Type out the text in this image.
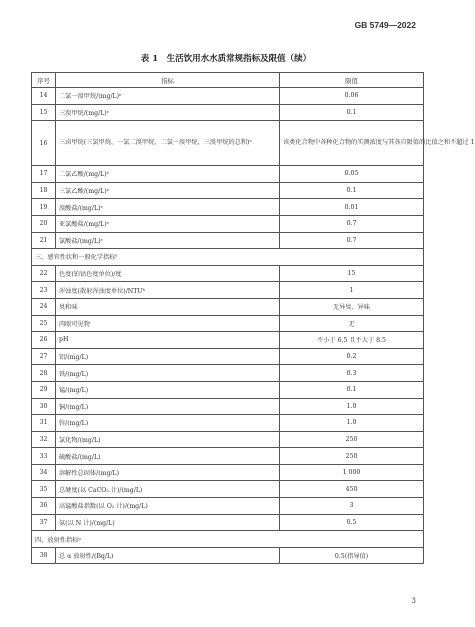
GB 5749—2022
表 1　生活饮用水水质常规指标及限值（续）
序号	指标	限值
14	二氯一溴甲烷/(mg/L)ᵉ	0.06
15	三溴甲烷/(mg/L)ᵉ	0.1
16	三卤甲烷(三氯甲烷、一氯二溴甲烷、二氯一溴甲烷、三溴甲烷的总和)ᵉ	该类化合物中各种化合物的实测浓度与其各自限值的比值之和不超过 1
17	二氯乙酸/(mg/L)ᵉ	0.05
18	三氯乙酸/(mg/L)ᵉ	0.1
19	溴酸盐/(mg/L)ᵉ	0.01
20	亚氯酸盐/(mg/L)ᵉ	0.7
21	氯酸盐/(mg/L)ᵉ	0.7
三、感官性状和一般化学指标ᶠ		
22	色度(铂钴色度单位)/度	15
23	浑浊度(散射浑浊度单位)/NTUᵇ	1
24	臭和味	无异臭、异味
25	肉眼可见物	无
26	pH	不小于 6.5 且不大于 8.5
27	铝/(mg/L)	0.2
28	铁/(mg/L)	0.3
29	锰/(mg/L)	0.1
30	铜/(mg/L)	1.0
31	锌/(mg/L)	1.0
32	氯化物/(mg/L)	250
33	硫酸盐/(mg/L)	250
34	溶解性总固体/(mg/L)	1 000
35	总硬度(以 CaCO₃ 计)/(mg/L)	450
36	高锰酸盐指数(以 O₂ 计)/(mg/L)	3
37	氨(以 N 计)/(mg/L)	0.5
四、放射性指标ᵍ		
38	总 α 放射性/(Bq/L)	0.5(指导值)
3
